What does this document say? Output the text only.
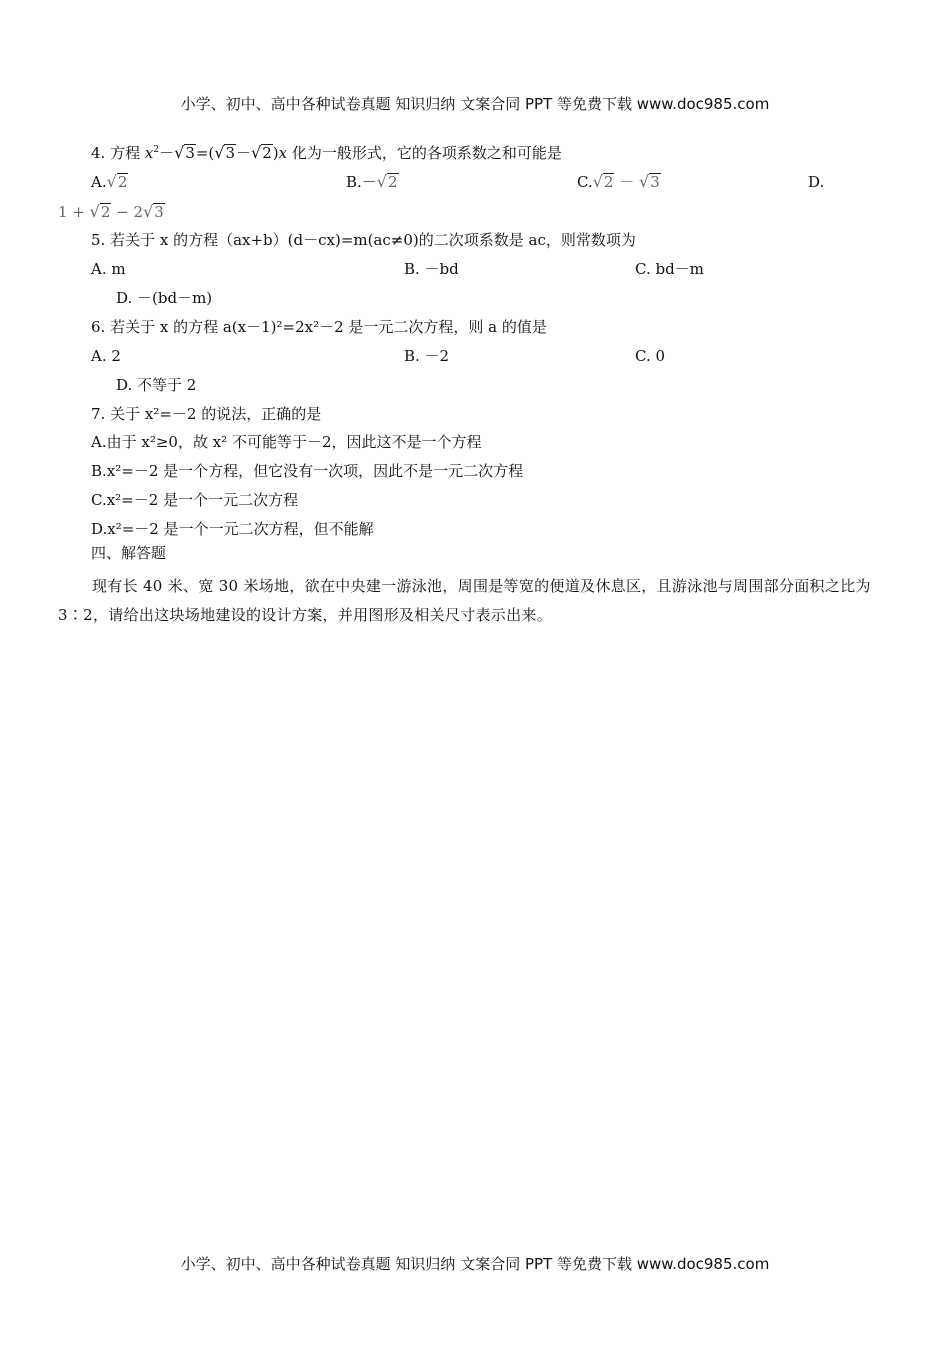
小学、初中、高中各种试卷真题 知识归纳 文案合同 PPT 等免费下载 www.doc985.com
4. 方程 $x^2-√3=(√3-√2)x$ 化为一般形式，它的各项系数之和可能是
A.√2	B.－√2	C.√2 － √3	D.
1 + √2 − 2√3
5. 若关于 x 的方程（ax+b）(d－cx)=m(ac≠0)的二次项系数是 ac，则常数项为
A. m	B. －bd	C. bd－m
D. －(bd－m)
6. 若关于 x 的方程 a(x－1)²=2x²－2 是一元二次方程，则 a 的值是
A. 2	B. －2	C. 0
D. 不等于 2
7. 关于 x²=－2 的说法，正确的是
A.由于 x²≥0，故 x² 不可能等于－2，因此这不是一个方程
B.x²=－2 是一个方程，但它没有一次项，因此不是一元二次方程
C.x²=－2 是一个一元二次方程
D.x²=－2 是一个一元二次方程，但不能解
四、解答题
现有长 40 米、宽 30 米场地，欲在中央建一游泳池，周围是等宽的便道及休息区，且游泳池与周围部分面积之比为 3∶2，请给出这块场地建设的设计方案，并用图形及相关尺寸表示出来。
小学、初中、高中各种试卷真题 知识归纳 文案合同 PPT 等免费下载 www.doc985.com
